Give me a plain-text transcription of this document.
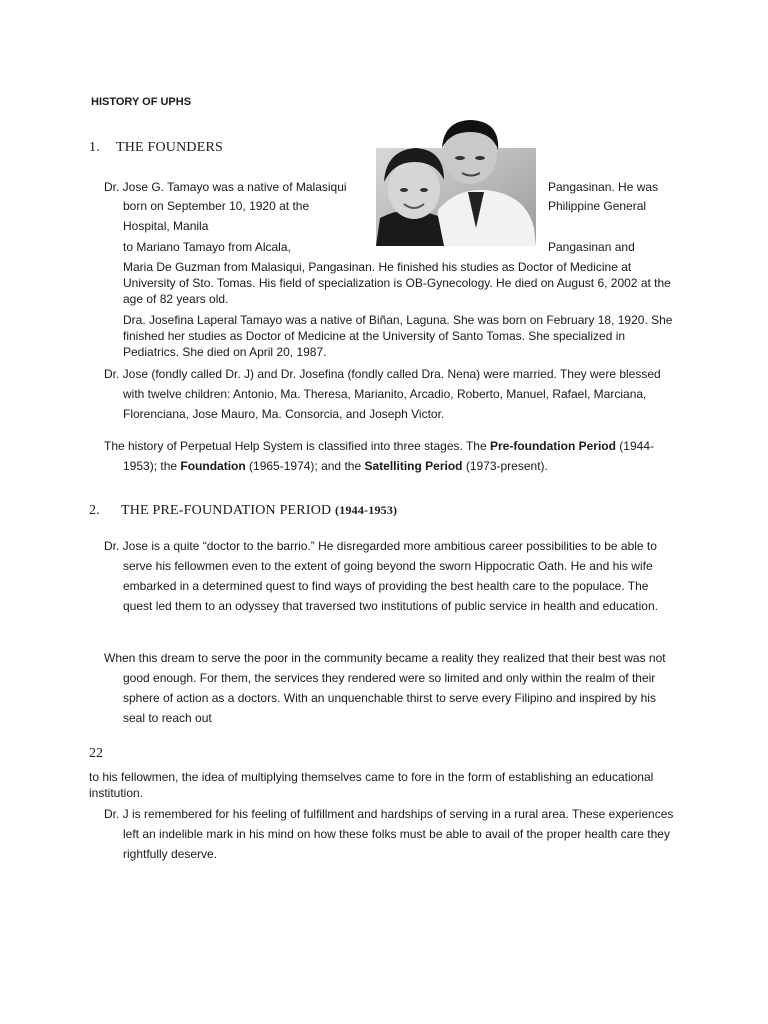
HISTORY OF UPHS
1. THE FOUNDERS
Dr. Jose G. Tamayo was a native of Malasiqui	Pangasinan. He was
born on September 10, 1920 at the	Philippine General
Hospital, Manila
to Mariano Tamayo from Alcala,	Pangasinan and
Maria De Guzman from Malasiqui, Pangasinan. He finished his studies as Doctor of Medicine at University of Sto. Tomas. His field of specialization is OB-Gynecology. He died on August 6, 2002 at the age of 82 years old.
Dra. Josefina Laperal Tamayo was a native of Biñan, Laguna. She was born on February 18, 1920. She finished her studies as Doctor of Medicine at the University of Santo Tomas. She specialized in Pediatrics. She died on April 20, 1987.
Dr. Jose (fondly called Dr. J) and Dr. Josefina (fondly called Dra. Nena) were married. They were blessed with twelve children: Antonio, Ma. Theresa, Marianito, Arcadio, Roberto, Manuel, Rafael, Marciana, Florenciana, Jose Mauro, Ma. Consorcia, and Joseph Victor.
The history of Perpetual Help System is classified into three stages. The Pre-foundation Period (1944-1953); the Foundation (1965-1974); and the Satelliting Period (1973-present).
2. THE PRE-FOUNDATION PERIOD (1944-1953)
Dr. Jose is a quite “doctor to the barrio.” He disregarded more ambitious career possibilities to be able to serve his fellowmen even to the extent of going beyond the sworn Hippocratic Oath. He and his wife embarked in a determined quest to find ways of providing the best health care to the populace. The quest led them to an odyssey that traversed two institutions of public service in health and education.
When this dream to serve the poor in the community became a reality they realized that their best was not good enough. For them, the services they rendered were so limited and only within the realm of their sphere of action as a doctors. With an unquenchable thirst to serve every Filipino and inspired by his seal to reach out
22
to his fellowmen, the idea of multiplying themselves came to fore in the form of establishing an educational institution.
Dr. J is remembered for his feeling of fulfillment and hardships of serving in a rural area. These experiences left an indelible mark in his mind on how these folks must be able to avail of the proper health care they rightfully deserve.
